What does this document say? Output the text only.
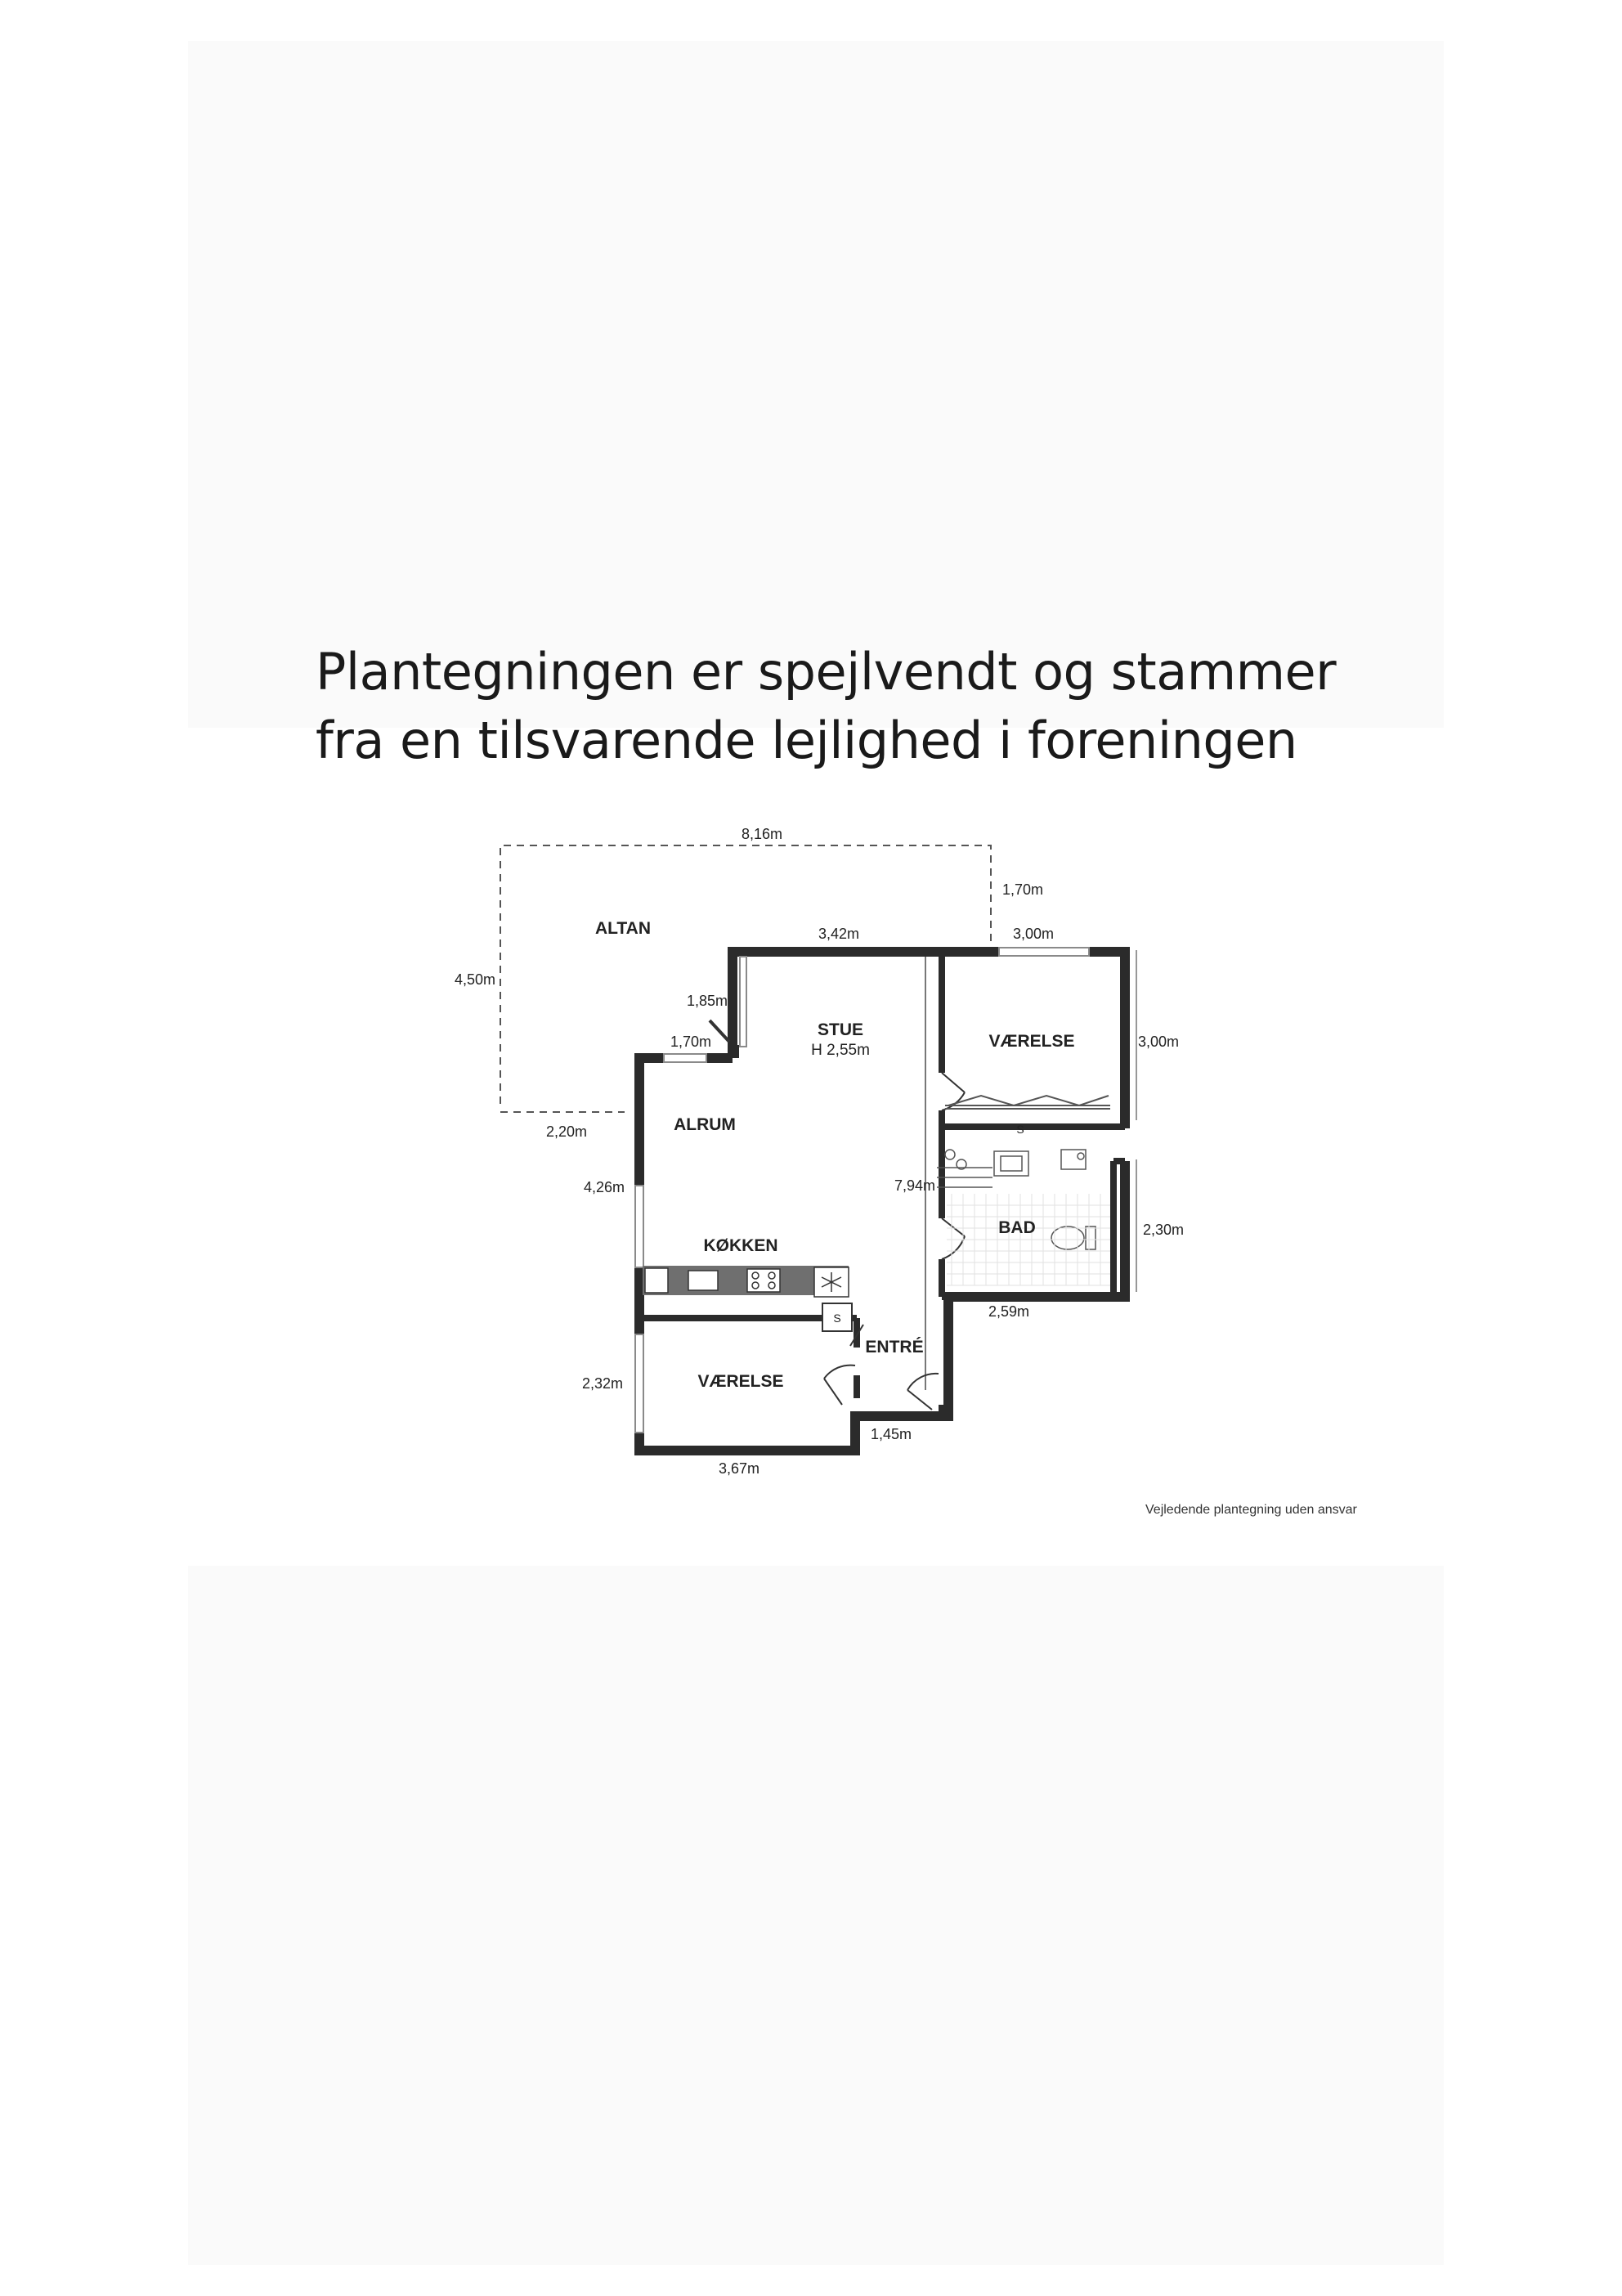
Plantegningen er spejlvendt og stammer
fra en tilsvarende lejlighed i foreningen
S
S
ALTAN
STUE
H 2,55m	VÆRELSE
ALRUM
BAD
KØKKEN
ENTRÉ
VÆRELSE
8,16m
1,70m
4,50m
3,42m	3,00m
3,00m
1,85m
1,70m
2,20m
4,26m	7,94m
2,30m
2,59m
2,32m
1,45m
3,67m
Vejledende plantegning uden ansvar
